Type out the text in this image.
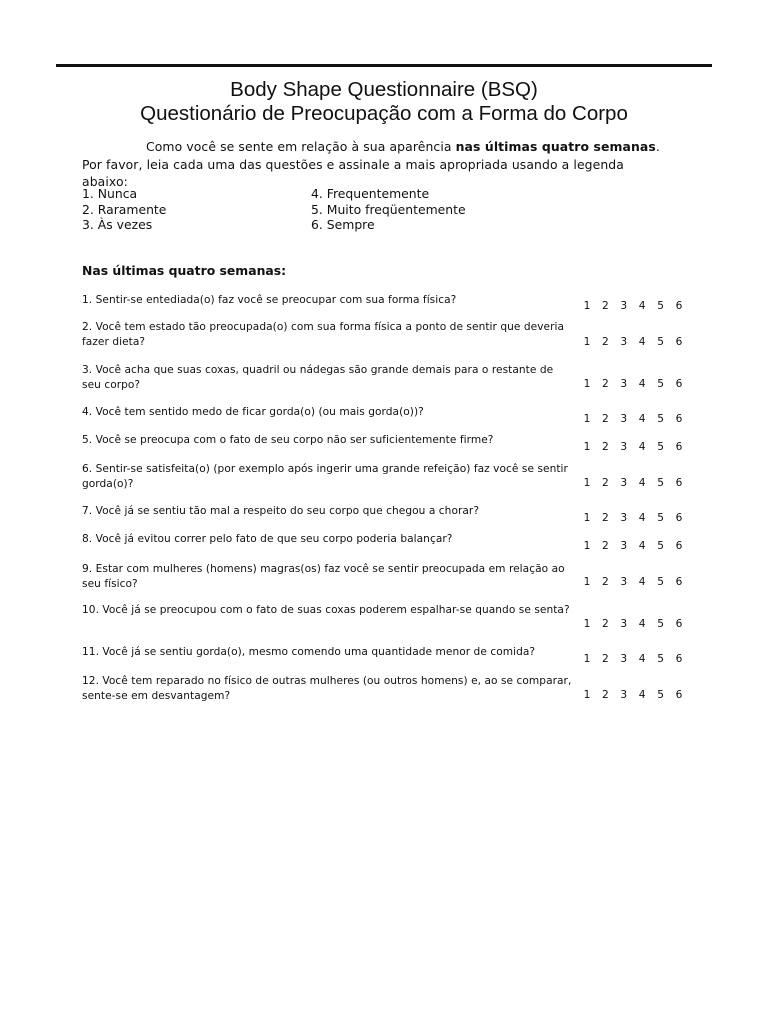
Body Shape Questionnaire (BSQ)
Questionário de Preocupação com a Forma do Corpo
Como você se sente em relação à sua aparência nas últimas quatro semanas. Por favor, leia cada uma das questões e assinale a mais apropriada usando a legenda abaixo:
1. Nunca
2. Raramente
3. Às vezes
4. Frequentemente
5. Muito freqüentemente
6. Sempre
Nas últimas quatro semanas:
1. Sentir-se entediada(o) faz você se preocupar com sua forma física?	1 2 3 4 5 6
2. Você tem estado tão preocupada(o) com sua forma física a ponto de sentir que deveria fazer dieta?	1 2 3 4 5 6
3. Você acha que suas coxas, quadril ou nádegas são grande demais para o restante de seu corpo?	1 2 3 4 5 6
4. Você tem sentido medo de ficar gorda(o) (ou mais gorda(o))?
1 2 3 4 5 6
5. Você se preocupa com o fato de seu corpo não ser suficientemente firme?
1 2 3 4 5 6
6. Sentir-se satisfeita(o) (por exemplo após ingerir uma grande refeição) faz você se sentir gorda(o)?	1 2 3 4 5 6
7. Você já se sentiu tão mal a respeito do seu corpo que chegou a chorar?
1 2 3 4 5 6
8. Você já evitou correr pelo fato de que seu corpo poderia balançar?
1 2 3 4 5 6
9. Estar com mulheres (homens) magras(os) faz você se sentir preocupada em relação ao seu físico?	1 2 3 4 5 6
10. Você já se preocupou com o fato de suas coxas poderem espalhar-se quando se senta?
1 2 3 4 5 6
11. Você já se sentiu gorda(o), mesmo comendo uma quantidade menor de comida?
1 2 3 4 5 6
12. Você tem reparado no físico de outras mulheres (ou outros homens) e, ao se comparar, sente-se em desvantagem?	1 2 3 4 5 6
